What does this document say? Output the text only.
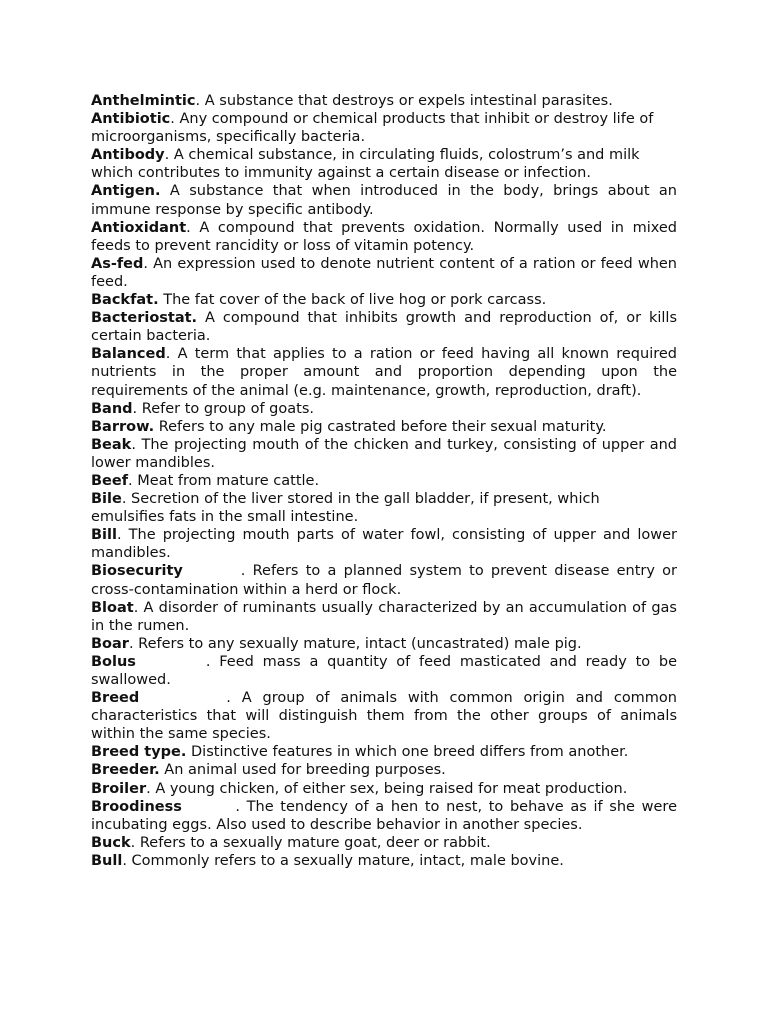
Anthelmintic. A substance that destroys or expels intestinal parasites.

Antibiotic. Any compound or chemical products that inhibit or destroy life of microorganisms, specifically bacteria.

Antibody. A chemical substance, in circulating fluids, colostrum’s and milk which contributes to immunity against a certain disease or infection.

Antigen. A substance that when introduced in the body, brings about an immune response by specific antibody.

Antioxidant. A compound that prevents oxidation. Normally used in mixed feeds to prevent rancidity or loss of vitamin potency.

As-fed. An expression used to denote nutrient content of a ration or feed when feed.

Backfat. The fat cover of the back of live hog or pork carcass.

Bacteriostat. A compound that inhibits growth and reproduction of, or kills certain bacteria.

Balanced. A term that applies to a ration or feed having all known required nutrients in the proper amount and proportion depending upon the requirements of the animal (e.g. maintenance, growth, reproduction, draft).

Band. Refer to group of goats.

Barrow. Refers to any male pig castrated before their sexual maturity.

Beak. The projecting mouth of the chicken and turkey, consisting of upper and lower mandibles.

Beef. Meat from mature cattle.

Bile. Secretion of the liver stored in the gall bladder, if present, which emulsifies fats in the small intestine.

Bill. The projecting mouth parts of water fowl, consisting of upper and lower mandibles.

Biosecurity        . Refers to a planned system to prevent disease entry or cross-contamination within a herd or flock.

Bloat. A disorder of ruminants usually characterized by an accumulation of gas in the rumen.

Boar. Refers to any sexually mature, intact (uncastrated) male pig.

Bolus        . Feed mass a quantity of feed masticated and ready to be swallowed.

Breed        . A group of animals with common origin and common characteristics that will distinguish them from the other groups of animals within the same species.

Breed type. Distinctive features in which one breed differs from another.

Breeder. An animal used for breeding purposes.

Broiler. A young chicken, of either sex, being raised for meat production.

Broodiness        . The tendency of a hen to nest, to behave as if she were incubating eggs. Also used to describe behavior in another species.

Buck. Refers to a sexually mature goat, deer or rabbit.

Bull. Commonly refers to a sexually mature, intact, male bovine.
